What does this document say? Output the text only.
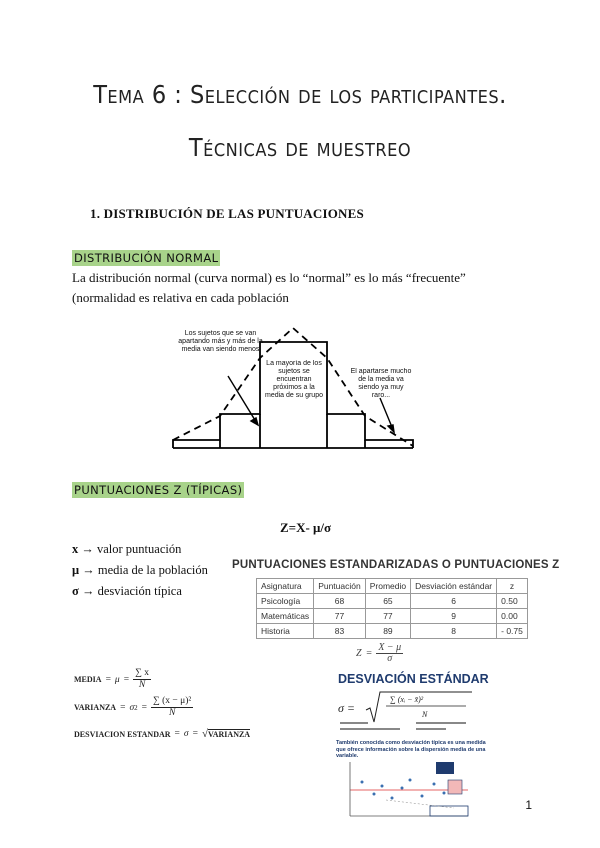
Tema 6 : Selección de los participantes.
Técnicas de muestreo
1. DISTRIBUCIÓN DE LAS PUNTUACIONES
DISTRIBUCIÓN NORMAL
La distribución normal (curva normal) es lo “normal” es lo más “frecuente” (normalidad es relativa en cada población
Los sujetos que se van apartando más y más de la media van siendo menos
La mayoría de los sujetos se encuentran próximos a la media de su grupo
El apartarse mucho de la media va siendo ya muy raro...
PUNTUACIONES Z (TÍPICAS)
Z=X- μ/σ
x → valor puntuación
μ → media de la población
σ → desviación típica
PUNTUACIONES ESTANDARIZADAS O PUNTUACIONES Z
Asignatura	Puntuación	Promedio	Desviación estándar	z
Psicología	68	65	6	0.50
Matemáticas	77	77	9	0.00
Historia	83	89	8	- 0.75
$Z = \frac{X - \mu}{\sigma}$
MEDIA = $\mu = \frac{\sum x}{N}$
VARIANZA = σ $2 = \frac{\text{∑ (x − μ)²}}{N}$
DESVIACION ESTANDAR = σ = √ VARIANZA
DESVIACIÓN ESTÁNDAR
σ =
∑ (xᵢ − x̄)²
N
También conocida como desviación típica es una medida que ofrece información sobre la dispersión media de una variable.
1
